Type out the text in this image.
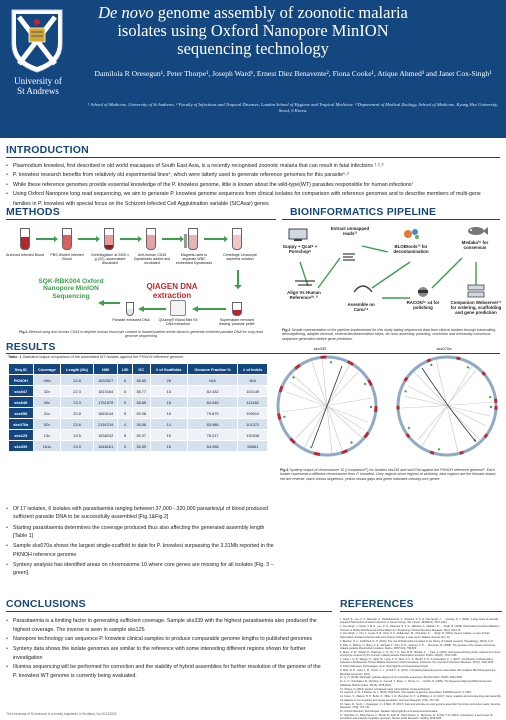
University of
St Andrews
De novo genome assembly of zoonotic malaria isolates using Oxford Nanopore MinION sequencing technology
Damilola R Oresegun¹, Peter Thorpe¹, Joseph Ward¹, Ernest Diez Benavente², Fiona Cooke¹, Atique Ahmed³ and Janet Cox-Singh¹
¹ School of Medicine, University of St Andrews. ² Faculty of Infectious and Tropical Diseases, London School of Hygiene and Tropical Medicine. ³ Department of Medical Zoology, School of Medicine, Kyung Hee University, Seoul, S Korea.
INTRODUCTION
• Plasmodium knowlesi, first described in old world macaques of South East Asia, is a recently recognised zoonotic malaria that can result in fatal infections ¹˒²˒³
• P. knowlesi research benefits from relatively old experimental lines⁴, which were latterly used to generate reference genomes for this parasite⁵˒⁶
• While these reference genomes provide essential knowledge of the P. knowlesi genome, little is known about the wild-type(WT) parasites responsible for human infections⁷
• Using Oxford Nanopore long read sequencing, we aim to generate P. knowlesi genome sequences from clinical isolates for comparison with reference genomes and to describe members of multi-gene families in P. knowlesi with special focus on the Schizont-Infected Cell Agglutination variable (SICAvar) genes
METHODS
Archived Infected Blood	PBS Diluted Infected Blood
Centrifugation at 2000 x g (X2), supernatant discarded
Anti-human CD45 Dynabeads added and incubated
Magnets used to separate WBC embedded Dynabeads
Centrifuge Leucocyte depleted solution
SQK-RBK004 Oxford Nanopore MinION Sequencing
QIAGEN DNA extraction
Parasite extracted DNA	QIAamp® Blood Mini Kit DNA extraction
Supernatant removed leaving 'parasite pellet'
Fig.1 Method using anti-human CD45 to deplete human leucocyte content in thawed patient whole blood to generate enriched parasite DNA for long read genome sequencing
BIOINFORMATICS PIPELINE
Guppy + Qcat⁸ + Porechop⁹
Extract unmapped reads¹²
BLOBtools¹³ for decontamination
Medaka¹⁶ for consensus
Align Vs Human Reference¹⁰˒¹¹
Assemble on Canu¹⁴
RACON¹⁵ x4 for polishing
Companion Webserver¹⁷ for ordering, scaffolding and gene prediction
Fig.2 Simple representation of the pipeline implemented for this study taking sequenced data from clinical isolates through basecalling, demultiplexing, adapter removal, several decontamination steps, de novo assembly, polishing, correction and eventually consensus sequence generation before gene prediction
RESULTS
Table. 1 Statistical output comparison of the assembled WT isolates against the PKNOH reference genome
Seq ID	Coverage	Length (Kb)	N50	L50	GC	# of Scaffolds	Genome Fraction %	# of Indels
PKNOH	<50x	24.8	1632627	6	38.60	26	N/A	N/A
sks047	32x	22.3	1810164	5	38.77	15	82.432	102149
sks048	40x	23.3	1751678	5	38.65	15	84.045	111482
sks058	21x	20.8	1863144	5	39.08	15	79.875	109012
sks070a	52x	23.6	2151219	4	38.58	14	83.988	101372
sks125	13x	19.5	1638232	5	39.37	15	78.017	130538
sks339	161x	23.9	1648161	5	38.59	15	84.058	98561
sks339	sks070a
Fig.3 Synteny output of chromosome 10 (Companion¹⁷) for isolates sks339 and sks070a against the PKNOH reference genome⁶. Each isolate represents a different chromosome from P. knowlesi. Grey regions show regions of similarity, blue regions are the forward strand, red are reverse, black shows singletons, yellow shows gaps and green indicates missing core genes
• Of 17 isolates, 6 isolates with parasitaemia ranging between 37,000 - 320,000 parasites/µl of blood produced sufficient parasite DNA to be successfully assembled [Fig.1&Fig.2]
• Starting parasitaemia determines the coverage produced thus also affecting the generated assembly length [Table 1]
• Sample sks070a shows the largest single-scaffold to date for P. knowlesi surpassing the 3.31Mb reported in the PKNOH reference genome
• Synteny analysis has identified areas on chromosome 10 where core genes are missing for all isolates [Fig. 3 – green].
CONCLUSIONS
• Parasitaemia is a limiting factor in generating sufficient coverage. Sample sks339 with the highest parasitaemia also produced the highest coverage. The inverse is seen in sample sks125
• Nanopore technology can sequence P. knowlesi clinical samples to produce comparable genome lengths to published genomes
• Synteny data shows the isolate genomes are similar to the reference with some interesting different regions shown for further investigation
• Illumina sequencing will be performed for correction and the viability of hybrid assemblies for further resolution of the genome of the P. knowlesi WT genome is currently being evaluated.
The University of St Andrews is a charity registered in Scotland, No SC013532
REFERENCES
1. Singh, B., Lee, K. S., Matusop, A., Radhakrishnan, A., Shamsul, S. S. G., Cox-Singh, J., ... Conway, D. J. (2004). A large focus of naturally acquired Plasmodium knowlesi infections in human beings. The Lancet, 363(9414), 1017-1024.
2. Cox-Singh, J., Davis, T. M. E., Lee, K.-S., Shamsul, S. S. G., Matusop, A., Ratnam, S., ... Singh, B. (2008). Plasmodium knowlesi Malaria in Humans Is Widely Distributed and Potentially Life Threatening. Clinical Infectious Diseases, 46(2), 165-171.
3. Cox-Singh, J., Hiu, J., Lucas, S. B., Divis, P. C., Zulkarnaen, M., Chandran, P., ... Singh, B. (2010). Severe malaria - a case of fatal Plasmodium knowlesi infection with post-mortem findings: a case report. Malaria Journal, 9(1), 10.
4. Butcher, G. A., & Mitchell, G. H. (2016). The role of Plasmodium knowlesi in the history of malaria research. Parasitology, 145(1), 6-17.
5. Pain, A., Böhme, U., Berry, A. E., Mungall, K., Finn, R. D., Jackson, A. P., ... Berriman, M. (2008). The genome of the simian and human malaria parasite Plasmodium knowlesi. Nature, 455(7214), 799-803.
6. Moon, R. W., Sharaf, H., Hastings, C. H., Ho, Y. S., Nair, M. B., Rchiad, Z., ... Pain, A. (2016). Normocyte-binding protein required for human erythrocyte invasion by the zoonotic malaria parasite Plasmodium knowlesi. PNAS, 113(26), 7231-7236.
7. Lubis, I. N. D., Wijaya, H., Lubis, M., Lubis, C. P., Divis, P. C. S., Beshir, K. B., & Sutherland, C. J. (2017). Contribution of Plasmodium knowlesi to Multispecies Human Malaria Infections in North Sumatera, Indonesia. The Journal of Infectious Diseases, 215(7), 1148-1155.
8. Oxford Nanopore Technologies. Qcat. https://github.com/nanoporetech/qcat
9. Wick, R. R., Judd, L. M., Gorrie, C. L., & Holt, K. E. (2017). Completing bacterial genome assemblies with multiplex MinION sequencing. Microbial Genomics, 3(10).
10. Li, H. (2018). Minimap2: pairwise alignment for nucleotide sequences. Bioinformatics, 34(18), 3094-3100.
11. Li, H., Handsaker, B., Wysoker, A., Fennell, T., Ruan, J., Homer, N., ... Durbin, R. (2009). The Sequence Alignment/Map format and SAMtools. Bioinformatics, 25(16), 2078-2079.
12. Thorpe, P. (2019). Extract unmapped reads. https://github.com/peterthorpe5
13. Laetsch, D. R., & Blaxter, M. L. (2017). BlobTools: Interrogation of genome assemblies. F1000Research, 6, 1287.
14. Koren, S., Walenz, B. P., Berlin, K., Miller, J. R., Bergman, N. H., & Phillippy, A. M. (2017). Canu: scalable and accurate long-read assembly via adaptive k-mer weighting and repeat separation. Genome Research, 27(5), 722-736.
15. Vaser, R., Sović, I., Nagarajan, N., & Šikić, M. (2017). Fast and accurate de novo genome assembly from long uncorrected reads. Genome Research, 27(5), 737-746.
16. Oxford Nanopore Technologies. Medaka. https://github.com/nanoporetech/medaka
17. Steinbiss, S., Silva-Franco, F., Brunk, B., Foth, B., Hertz-Fowler, C., Berriman, M., & Otto, T. D. (2016). Companion: a web server for annotation and analysis of parasite genomes. Nucleic Acids Research, 44(W1), W29-W34.
